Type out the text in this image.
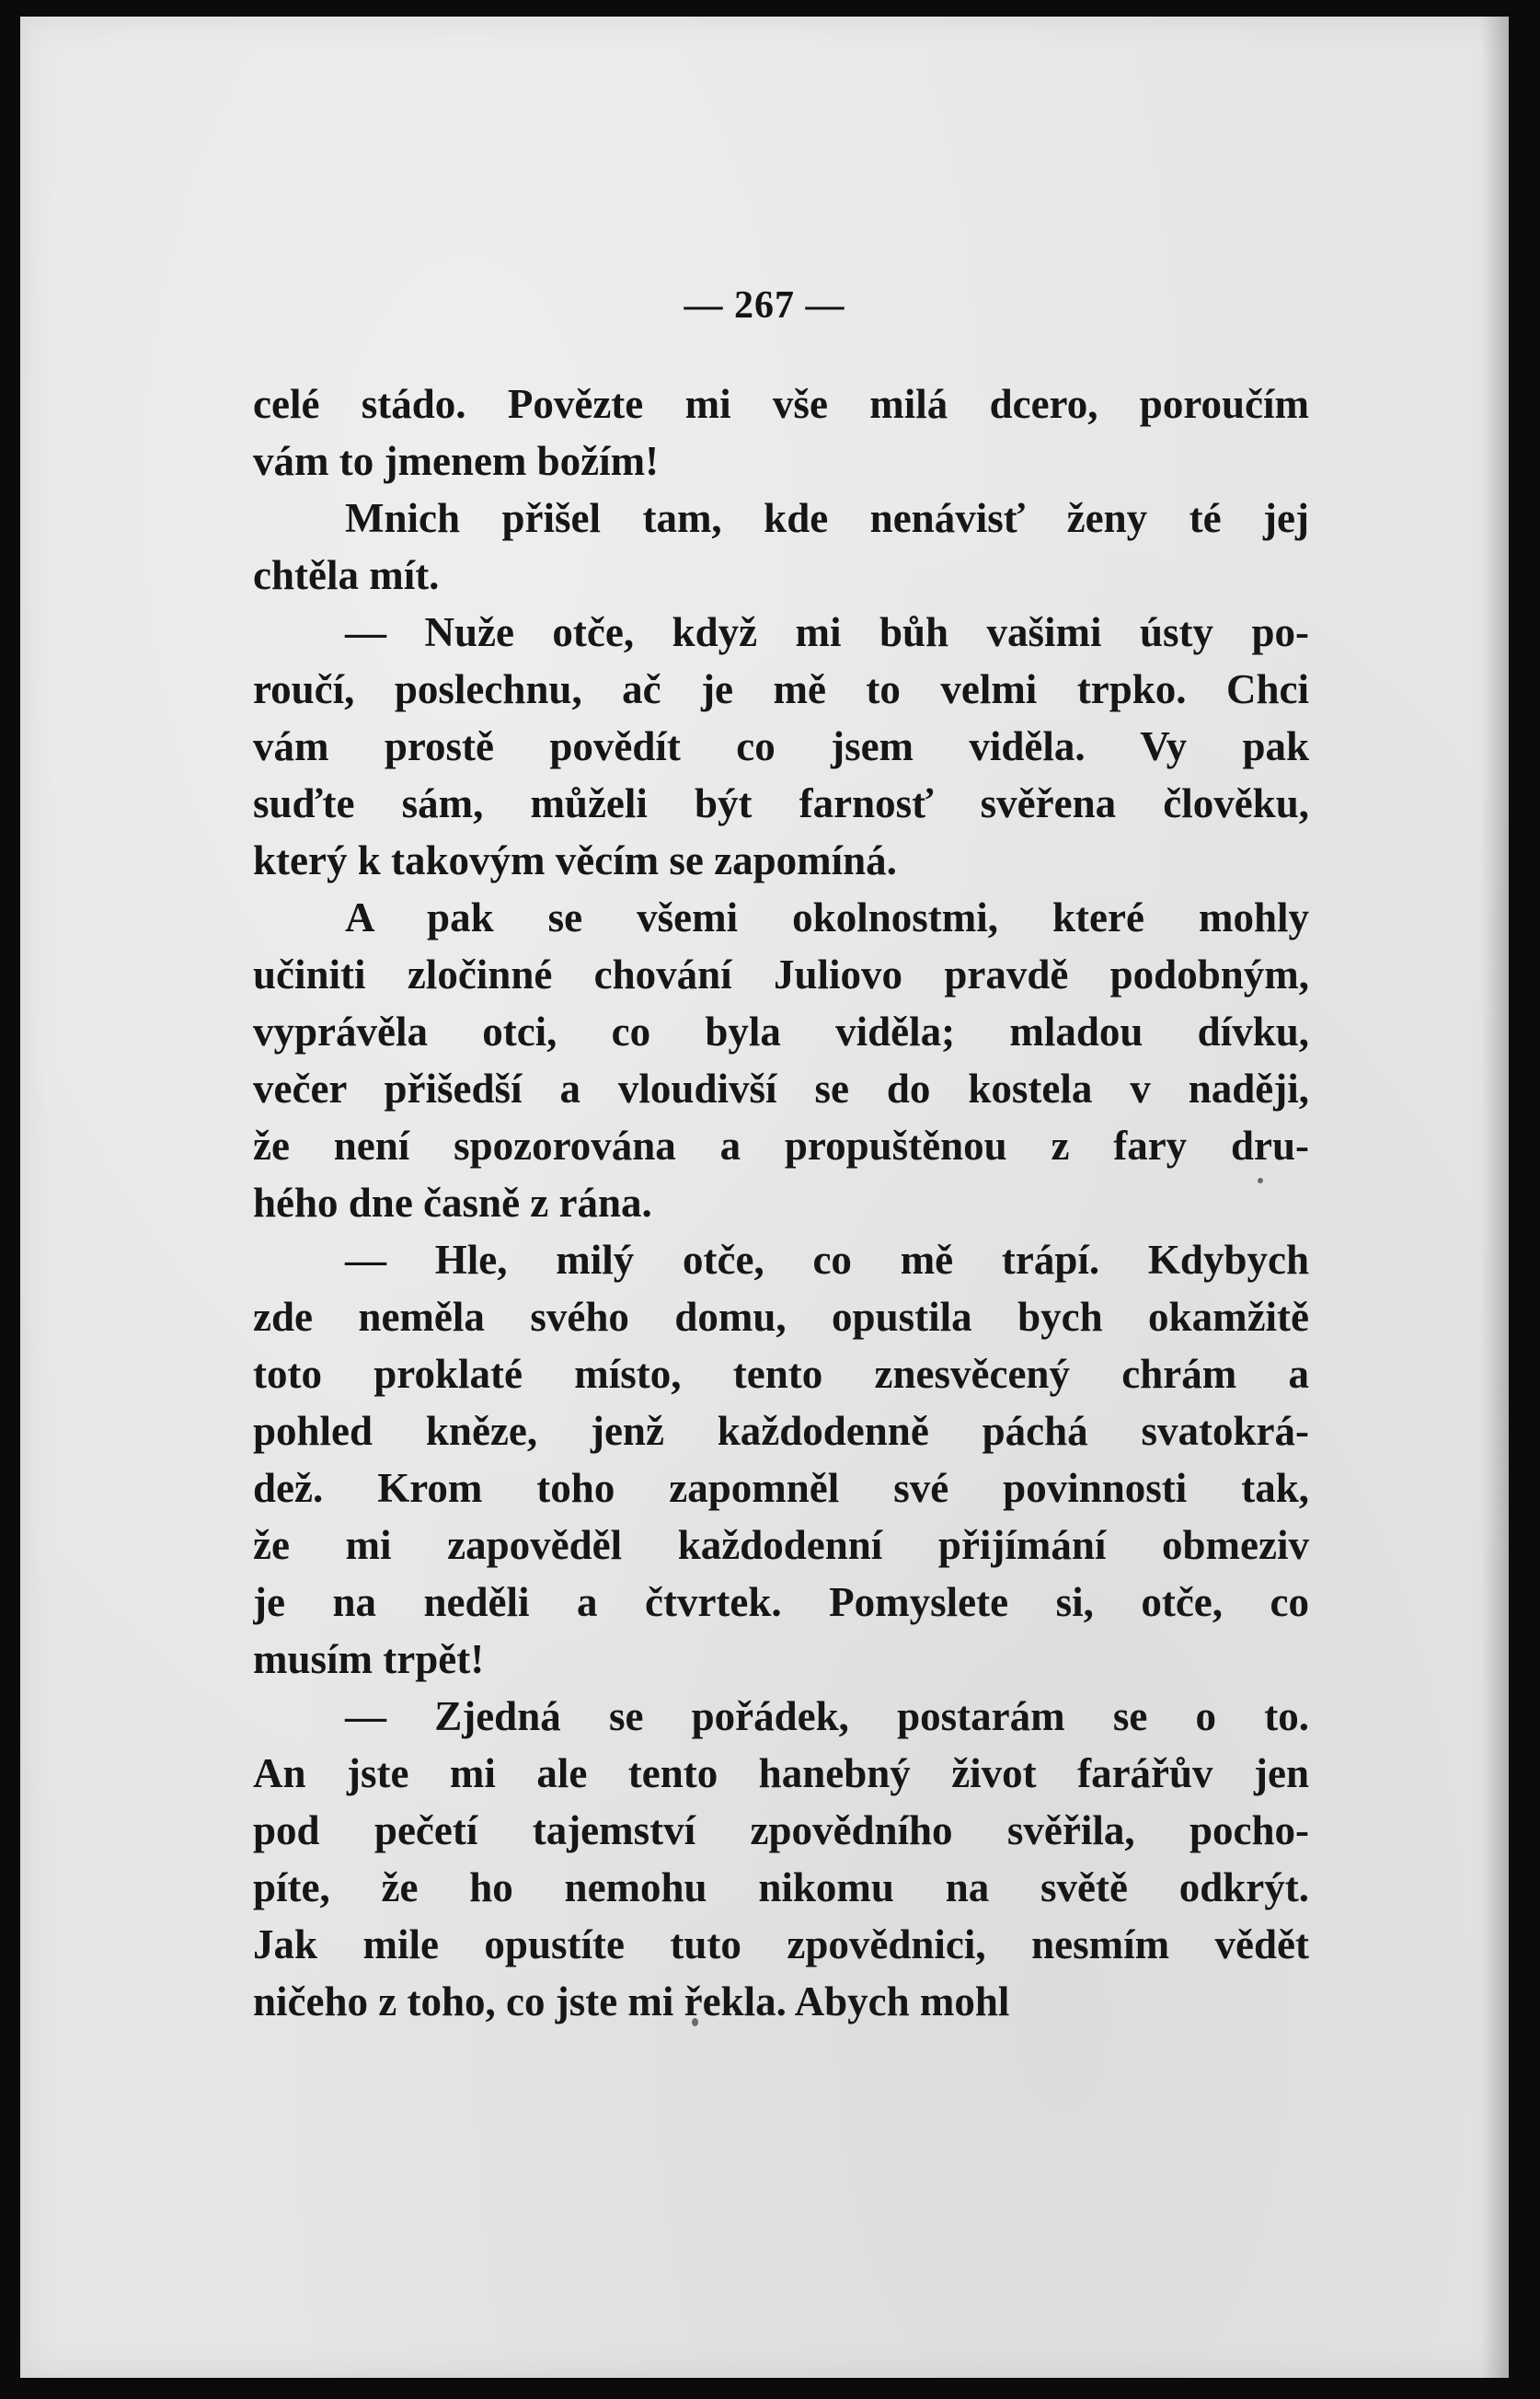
— 267 —
celé stádo. Povězte mi vše milá dcero, poroučím
vám to jmenem božím!
Mnich přišel tam, kde nenávisť ženy té jej
chtěla mít.
— Nuže otče, když mi bůh vašimi ústy po-
roučí, poslechnu, ač je mě to velmi trpko. Chci
vám prostě povědít co jsem viděla. Vy pak
suďte sám, můželi být farnosť svěřena člověku,
který k takovým věcím se zapomíná.
A pak se všemi okolnostmi, které mohly
učiniti zločinné chování Juliovo pravdě podobným,
vyprávěla otci, co byla viděla; mladou dívku,
večer přišedší a vloudivší se do kostela v naději,
že není spozorována a propuštěnou z fary dru-
hého dne časně z rána.
— Hle, milý otče, co mě trápí. Kdybych
zde neměla svého domu, opustila bych okamžitě
toto proklaté místo, tento znesvěcený chrám a
pohled kněze, jenž každodenně páchá svatokrá-
dež. Krom toho zapomněl své povinnosti tak,
že mi zapověděl každodenní přijímání obmeziv
je na neděli a čtvrtek. Pomyslete si, otče, co
musím trpět!
— Zjedná se pořádek, postarám se o to.
An jste mi ale tento hanebný život farářův jen
pod pečetí tajemství zpovědního svěřila, pocho-
píte, že ho nemohu nikomu na světě odkrýt.
Jak mile opustíte tuto zpovědnici, nesmím vědět
ničeho z toho, co jste mi řekla. Abych mohl
